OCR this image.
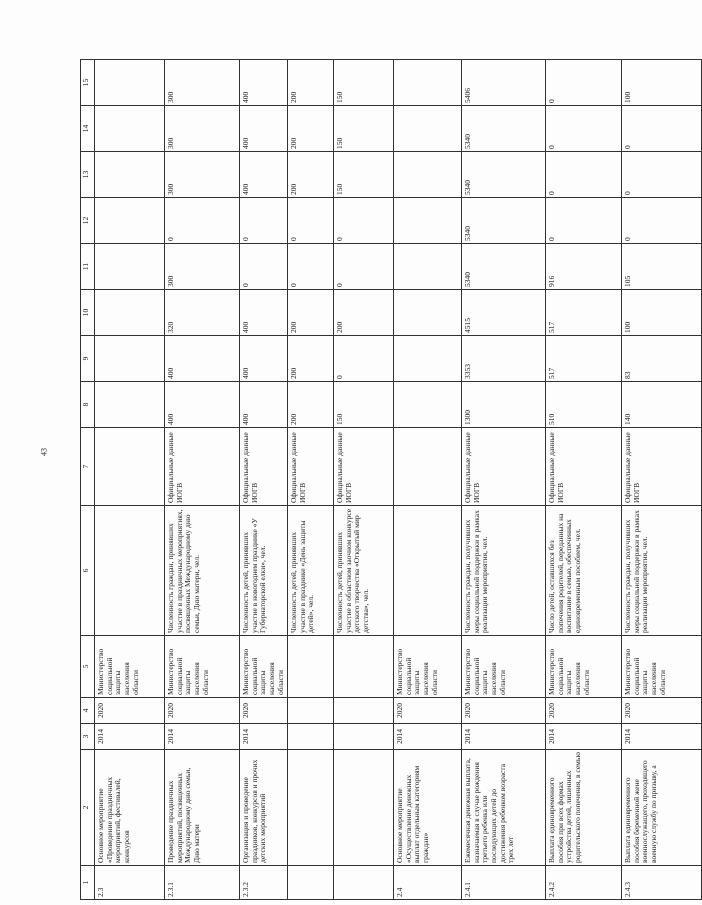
43
1	2	3	4	5	6	7	8	9	10	11	12	13	14	15
2.3	Основное мероприятие «Проведение праздничных мероприятий, фестивалей, конкурсов	2014	2020	Министерство социальной защиты населения области										
2.3.1	Проведение праздничных мероприятий, посвященных Международному дню семьи, Дню матери	2014	2020	Министерство социальной защиты населения области	Численность граждан, принявших участие в праздничных мероприятиях, посвященных Международному дню семьи, Дню матери, чел.	Официальные данные ИОГВ	400	400	320	300	0	300	300	300
2.3.2	Организация и проведение праздников, конкурсов и прочих детских мероприятий	2014	2020	Министерство социальной защиты населения области	Численность детей, принявших участие в новогоднем празднике «У Губернаторской елки», чел.	Официальные данные ИОГВ	400	400	400	0	0	400	400	400
					Численность детей, принявших участие в празднике «День защиты детей», чел.	Официальные данные ИОГВ	200	200	200	0	0	200	200	200
					Численность детей, принявших участие в областном заочном конкурсе детского творчества «Открытый мир детства», чел.	Официальные данные ИОГВ	150	0	200	0	0	150	150	150
2.4	Основное мероприятие «Осуществление денежных выплат отдельным категориям граждан»	2014	2020	Министерство социальной защиты населения области										
2.4.1	Ежемесячная денежная выплата, назначаемая в случае рождения третьего ребенка или последующих детей до достижения ребенком возраста трех лет	2014	2020	Министерство социальной защиты населения области	Численность граждан, получивших меры социальной поддержки в рамках реализации мероприятия, чел.	Официальные данные ИОГВ	1300	3353	4515	5340	5340	5340	5340	5406
2.4.2	Выплата единовременного пособия при всех формах устройства детей, лишенных родительского попечения, в семью	2014	2020	Министерство социальной защиты населения области	Число детей, оставшихся без попечения родителей, переданных на воспитание в семью, обеспеченных единовременным пособием, чел.	Официальные данные ИОГВ	510	517	517	916	0	0	0	0
2.4.3	Выплата единовременного пособия беременной жене военнослужащего, проходящего военную службу по призыву, а	2014	2020	Министерство социальной защиты населения области	Численность граждан, получивших меры социальной поддержки в рамках реализации мероприятия, чел.	Официальные данные ИОГВ	140	83	100	105	0	0	0	100
